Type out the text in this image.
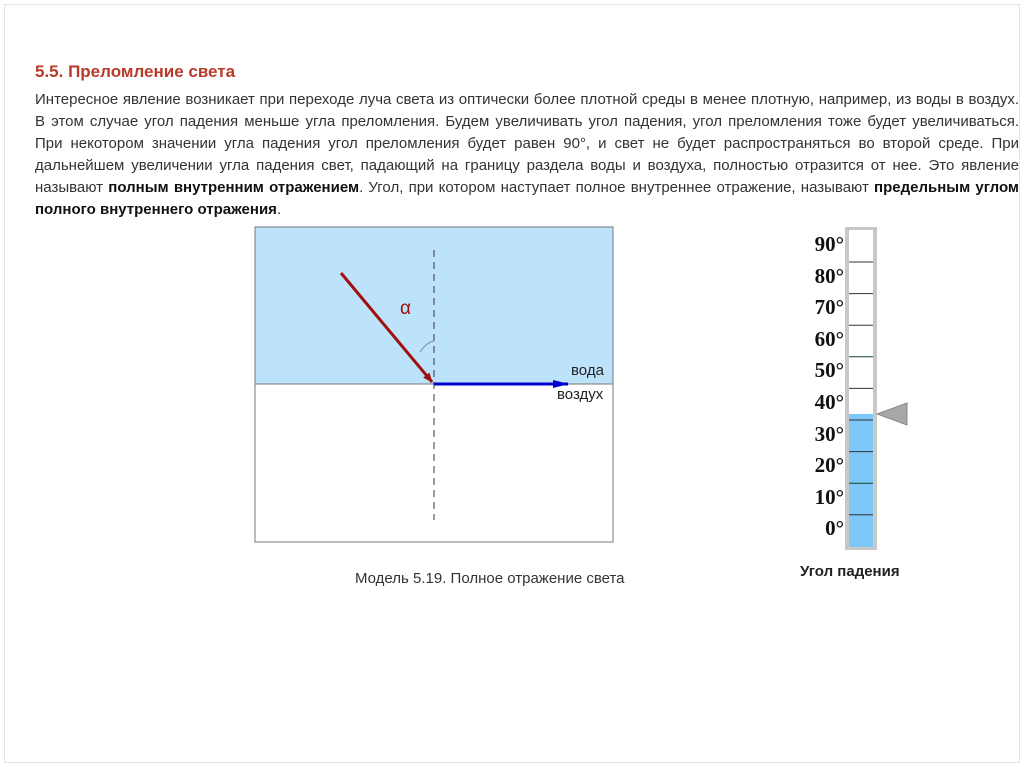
5.5. Преломление света
Интересное явление возникает при переходе луча света из оптически более плотной среды в менее плотную, например, из воды в воздух. В этом случае угол падения меньше угла преломления. Будем увеличивать угол падения, угол преломления тоже будет увеличиваться. При некотором значении угла падения угол преломления будет равен 90°, и свет не будет распространяться во второй среде. При дальнейшем увеличении угла падения свет, падающий на границу раздела воды и воздуха, полностью отразится от нее. Это явление называют полным внутренним отражением. Угол, при котором наступает полное внутреннее отражение, называют предельным углом полного внутреннего отражения.
α
вода
воздух
Модель 5.19. Полное отражение света
90°
80°
70°
60°
50°
40°
30°
20°
10°
0°
Угол падения
